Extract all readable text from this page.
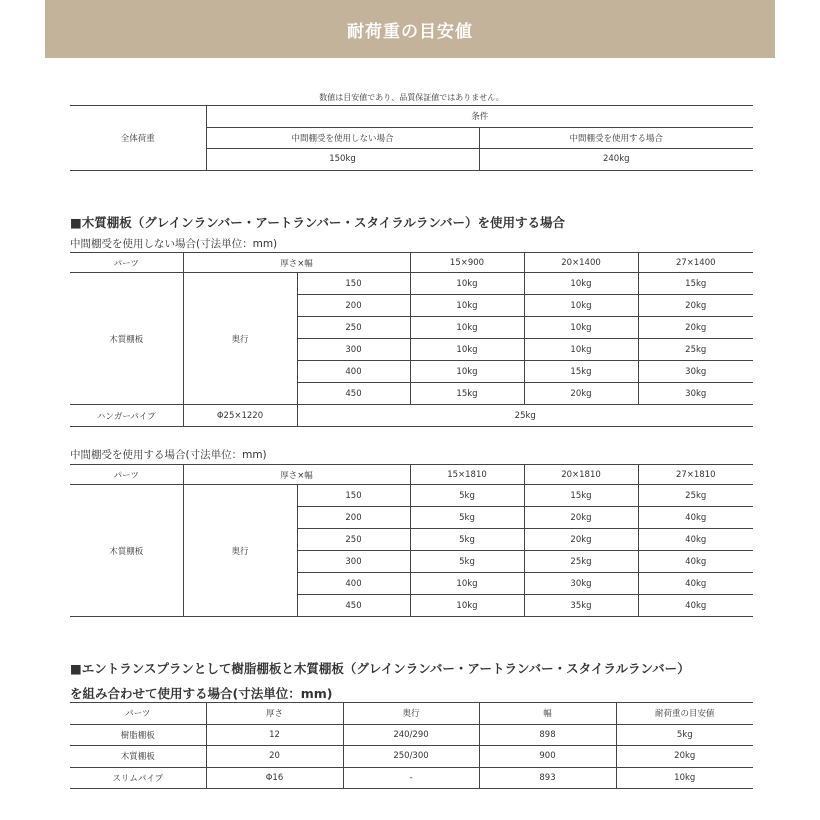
耐荷重の目安値
数値は目安値であり、品質保証値ではありません。
全体荷重	条件	
	中間棚受を使用しない場合	中間棚受を使用する場合
	150kg	240kg
■木質棚板（グレインランバー・アートランバー・スタイラルランバー）を使用する場合
中間棚受を使用しない場合(寸法単位：mm)
パーツ	厚さ×幅		15×900	20×1400	27×1400
木質棚板	奥行	150	10kg	10kg	15kg
		200	10kg	10kg	20kg
		250	10kg	10kg	20kg
		300	10kg	10kg	25kg
		400	10kg	15kg	30kg
		450	15kg	20kg	30kg
ハンガーパイプ	Φ25×1220	25kg			
中間棚受を使用する場合(寸法単位：mm)
パーツ	厚さ×幅		15×1810	20×1810	27×1810
木質棚板	奥行	150	5kg	15kg	25kg
		200	5kg	20kg	40kg
		250	5kg	20kg	40kg
		300	5kg	25kg	40kg
		400	10kg	30kg	40kg
		450	10kg	35kg	40kg
■エントランスプランとして樹脂棚板と木質棚板（グレインランバー・アートランバー・スタイラルランバー）
を組み合わせて使用する場合(寸法単位：mm)
パーツ	厚さ	奥行	幅	耐荷重の目安値
樹脂棚板	12	240/290	898	5kg
木質棚板	20	250/300	900	20kg
スリムパイプ	Φ16	-	893	10kg
